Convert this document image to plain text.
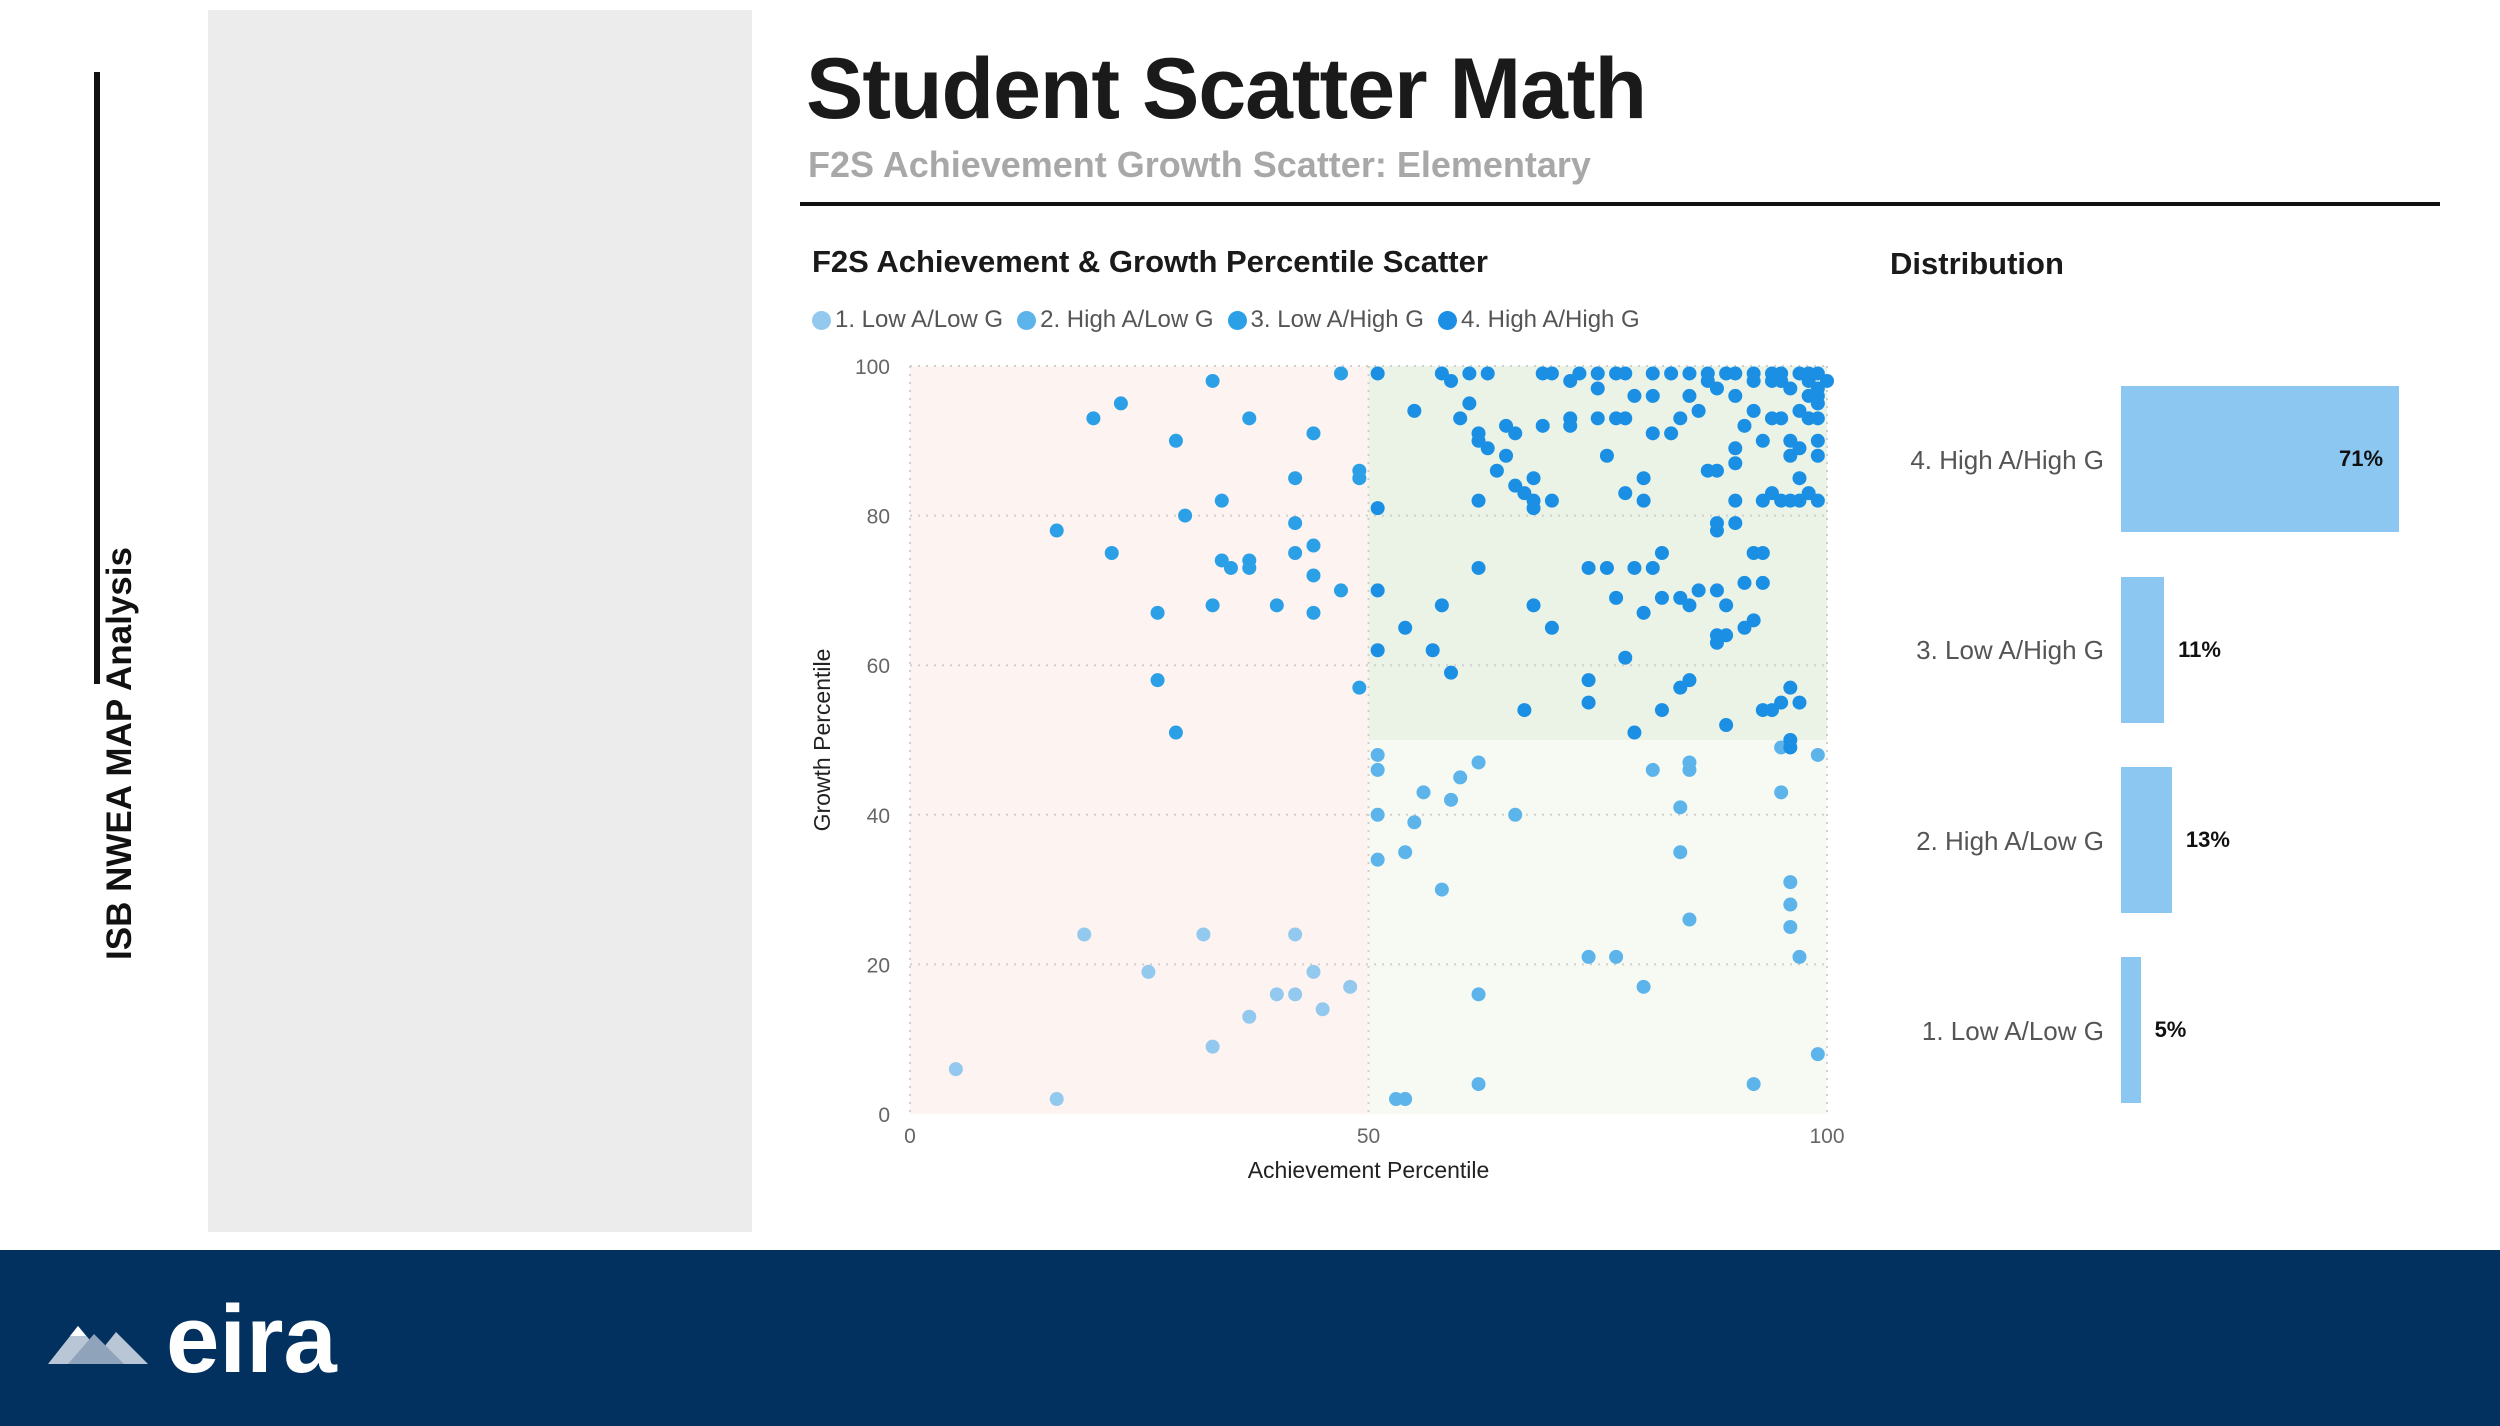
ISB NWEA MAP Analysis
Student Scatter Math
F2S Achievement Growth Scatter: Elementary
F2S Achievement & Growth Percentile Scatter
1. Low A/Low G 2. High A/Low G 3. Low A/High G 4. High A/High G
0
20
40
60
80
100
0	50	100
Achievement Percentile
Growth Percentile
Distribution
4. High A/High G	71%
3. Low A/High G	11%
2. High A/Low G	13%
1. Low A/Low G 5%
eira
